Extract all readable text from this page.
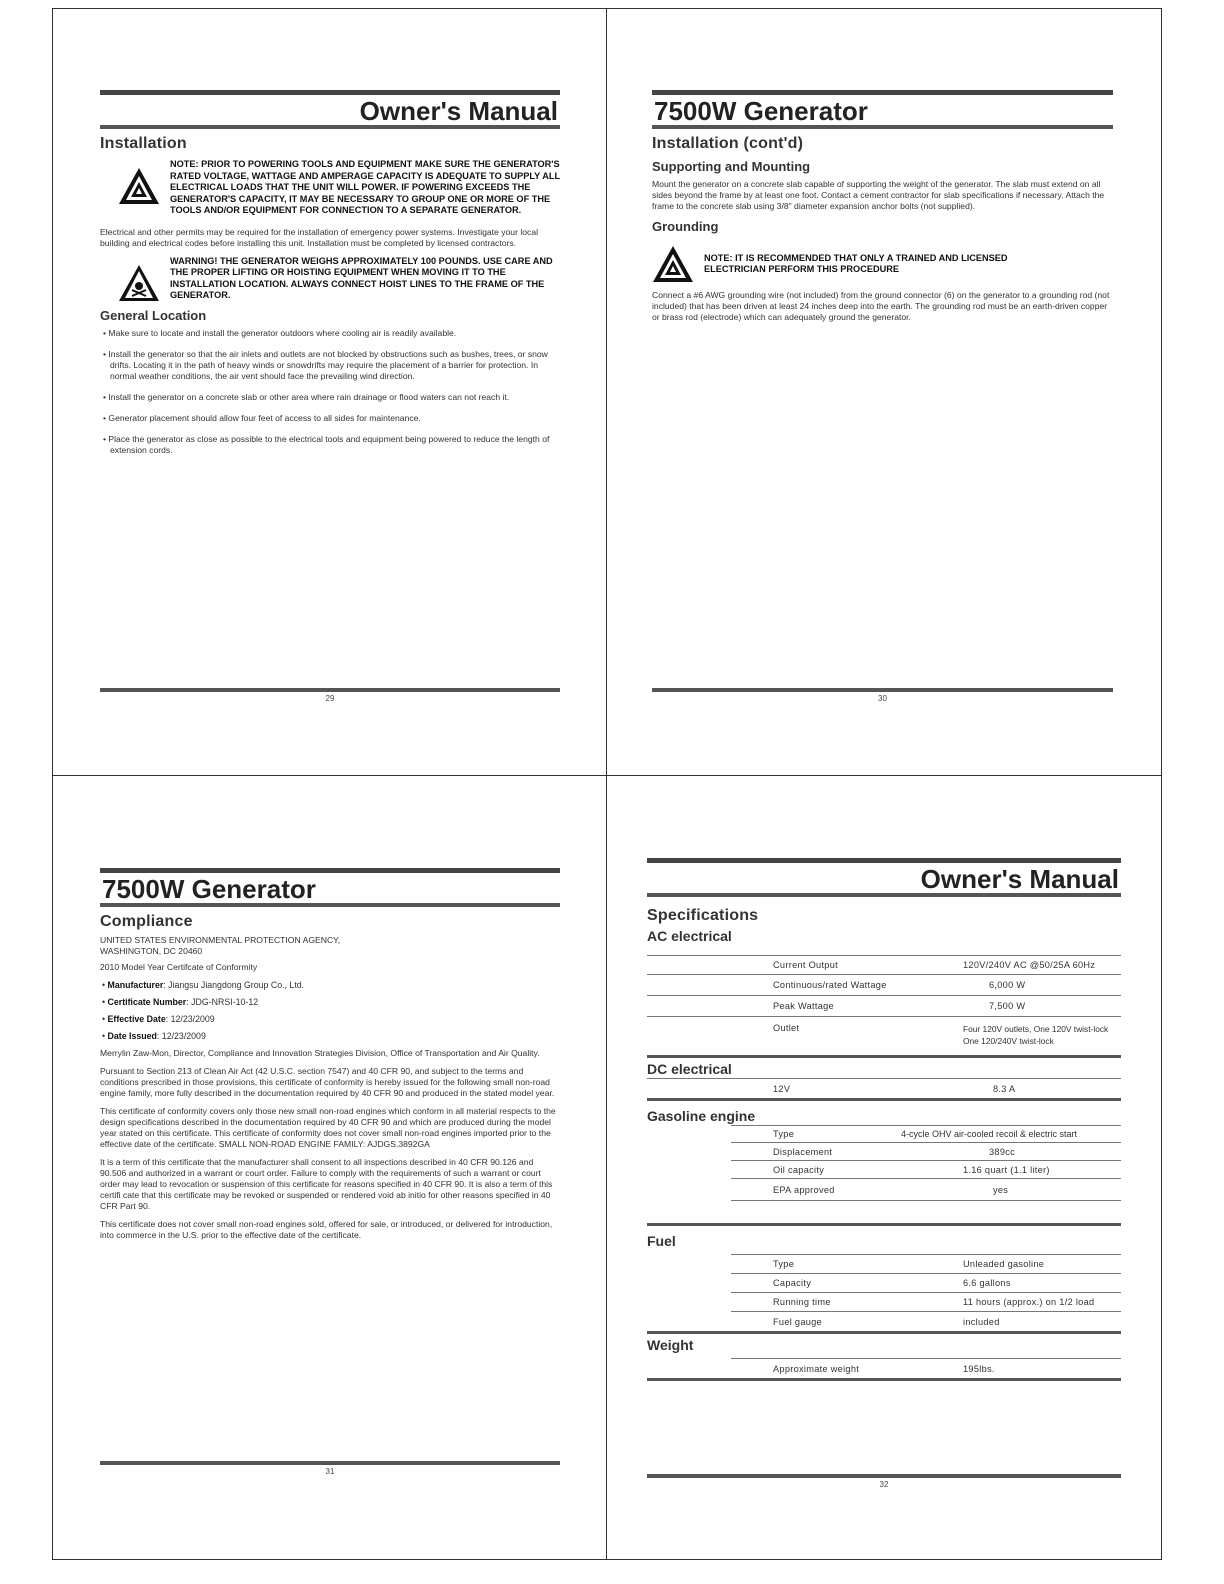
Owner's Manual
Installation
NOTE: PRIOR TO POWERING TOOLS AND EQUIPMENT MAKE SURE THE GENERATOR'S RATED VOLTAGE, WATTAGE AND AMPERAGE CAPACITY IS ADEQUATE TO SUPPLY ALL ELECTRICAL LOADS THAT THE UNIT WILL POWER. IF POWERING EXCEEDS THE GENERATOR'S CAPACITY, IT MAY BE NECESSARY TO GROUP ONE OR MORE OF THE TOOLS AND/OR EQUIPMENT FOR CONNECTION TO A SEPARATE GENERATOR.

Electrical and other permits may be required for the installation of emergency power systems. Investigate your local building and electrical codes before installing this unit. Installation must be completed by licensed contractors.

WARNING! THE GENERATOR WEIGHS APPROXIMATELY 100 POUNDS. USE CARE AND THE PROPER LIFTING OR HOISTING EQUIPMENT WHEN MOVING IT TO THE INSTALLATION LOCATION. ALWAYS CONNECT HOIST LINES TO THE FRAME OF THE GENERATOR.
General Location
• Make sure to locate and install the generator outdoors where cooling air is readily available.
• Install the generator so that the air inlets and outlets are not blocked by obstructions such as bushes, trees, or snow drifts. Locating it in the path of heavy winds or snowdrifts may require the placement of a barrier for protection. In normal weather conditions, the air vent should face the prevailing wind direction.
• Install the generator on a concrete slab or other area where rain drainage or flood waters can not reach it.
• Generator placement should allow four feet of access to all sides for maintenance.
• Place the generator as close as possible to the electrical tools and equipment being powered to reduce the length of extension cords.
29
7500W Generator
Installation (cont'd)
Supporting and Mounting

Mount the generator on a concrete slab capable of supporting the weight of the generator. The slab must extend on all sides beyond the frame by at least one foot. Contact a cement contractor for slab specifications if necessary. Attach the frame to the concrete slab using 3/8" diameter expansion anchor bolts (not supplied).

Grounding
NOTE: IT IS RECOMMENDED THAT ONLY A TRAINED AND LICENSED ELECTRICIAN PERFORM THIS PROCEDURE

Connect a #6 AWG grounding wire (not included) from the ground connector (6) on the generator to a grounding rod (not included) that has been driven at least 24 inches deep into the earth. The grounding rod must be an earth-driven copper or brass rod (electrode) which can adequately ground the generator.

30
7500W Generator
Compliance

UNITED STATES ENVIRONMENTAL PROTECTION AGENCY,
WASHINGTON, DC 20460

2010 Model Year Certifcate of Conformity

• Manufacturer: Jiangsu Jiangdong Group Co., Ltd.
• Certificate Number: JDG-NRSI-10-12
• Effective Date: 12/23/2009
• Date Issued: 12/23/2009

Merrylin Zaw-Mon, Director, Compliance and Innovation Strategies Division, Office of Transportation and Air Quality.

Pursuant to Section 213 of Clean Air Act (42 U.S.C. section 7547) and 40 CFR 90, and subject to the terms and conditions prescribed in those provisions, this certificate of conformity is hereby issued for the following small non-road engine family, more fully described in the documentation required by 40 CFR 90 and produced in the stated model year.

This certificate of conformity covers only those new small non-road engines which conform in all material respects to the design specifications described in the documentation required by 40 CFR 90 and which are produced during the model year stated on this certificate. This certificate of conformity does not cover small non-road engines imported prior to the effective date of the certificate. SMALL NON-ROAD ENGINE FAMILY: AJDGS.3892GA

It is a term of this certificate that the manufacturer shall consent to all inspections described in 40 CFR 90.126 and 90.506 and authorized in a warrant or court order. Failure to comply with the requirements of such a warrant or court order may lead to revocation or suspension of this certificate for reasons specified in 40 CFR 90. It is also a term of this certifi cate that this certificate may be revoked or suspended or rendered void ab initio for other reasons specified in 40 CFR Part 90.

This certificate does not cover small non-road engines sold, offered for sale, or introduced, or delivered for introduction, into commerce in the U.S. prior to the effective date of the certificate.

31
Owner's Manual
Specifications
AC electrical
Current Output	120V/240V AC @50/25A 60Hz
Continuous/rated Wattage	6,000 W
Peak Wattage	7,500 W
Outlet	Four 120V outlets, One 120V twist-lock
One 120/240V twist-lock
DC electrical
12V	8.3 A
Gasoline engine
Type	4-cycle OHV air-cooled recoil & electric start
Displacement	389cc
Oil capacity	1.16 quart (1.1 liter)
EPA approved	yes
Fuel
Type	Unleaded gasoline
Capacity	6.6 gallons
Running time	11 hours (approx.) on 1/2 load
Fuel gauge	included
Weight
Approximate weight	195lbs.
32
